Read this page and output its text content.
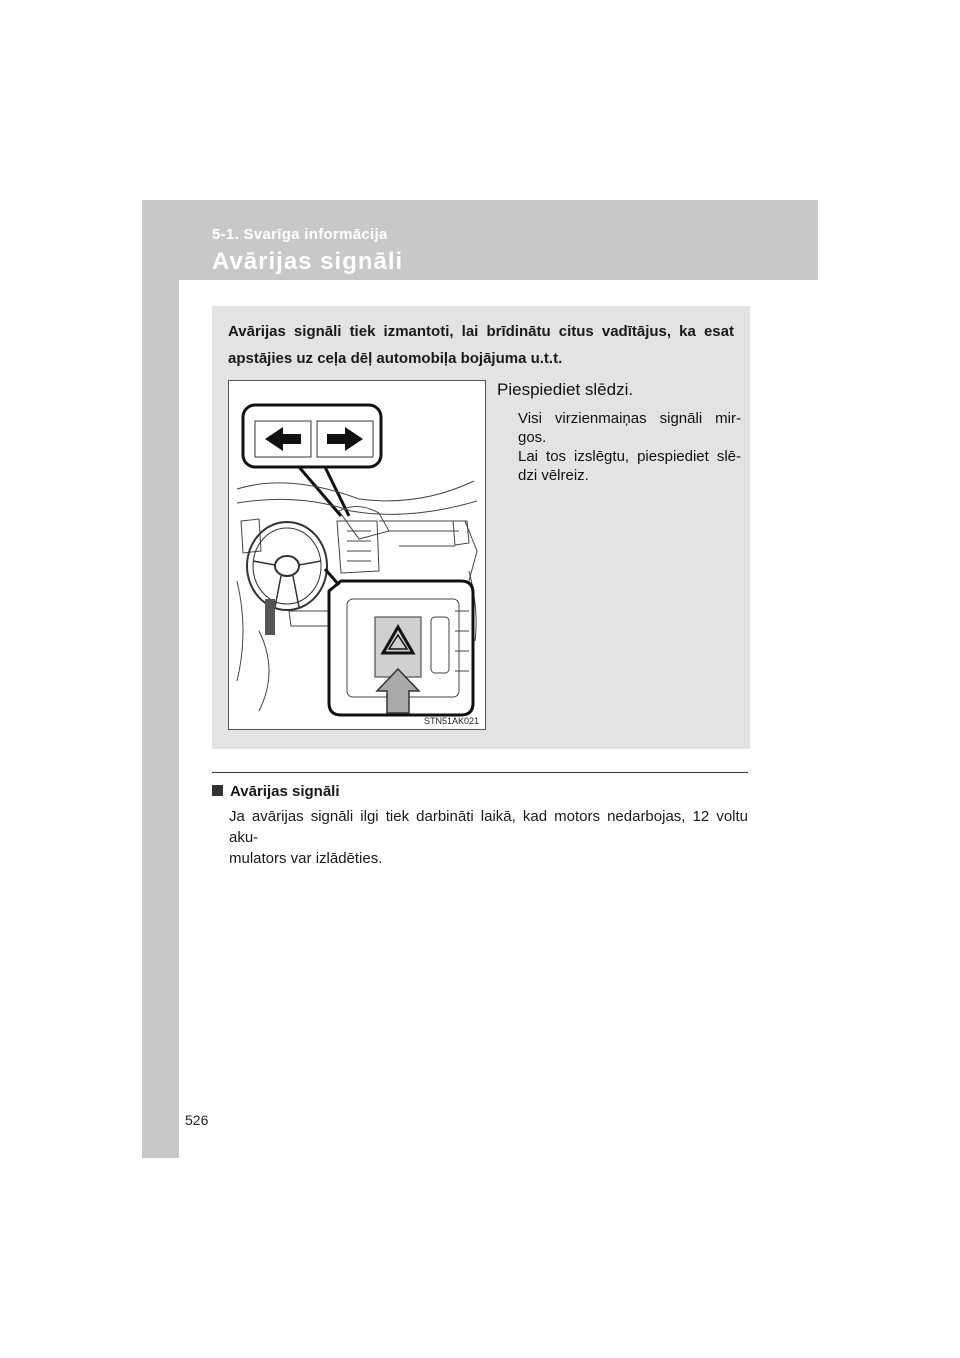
5-1. Svarīga informācija
Avārijas signāli
Avārijas signāli tiek izmantoti, lai brīdinātu citus vadītājus, ka esat
apstājies uz ceļa dēļ automobiļa bojājuma u.t.t.
STN51AK021
Piespiediet slēdzi.
Visi virzienmaiņas signāli mir-
gos.
Lai tos izslēgtu, piespiediet slē-
dzi vēlreiz.
Avārijas signāli
Ja avārijas signāli ilgi tiek darbināti laikā, kad motors nedarbojas, 12 voltu aku-
mulators var izlādēties.
526
